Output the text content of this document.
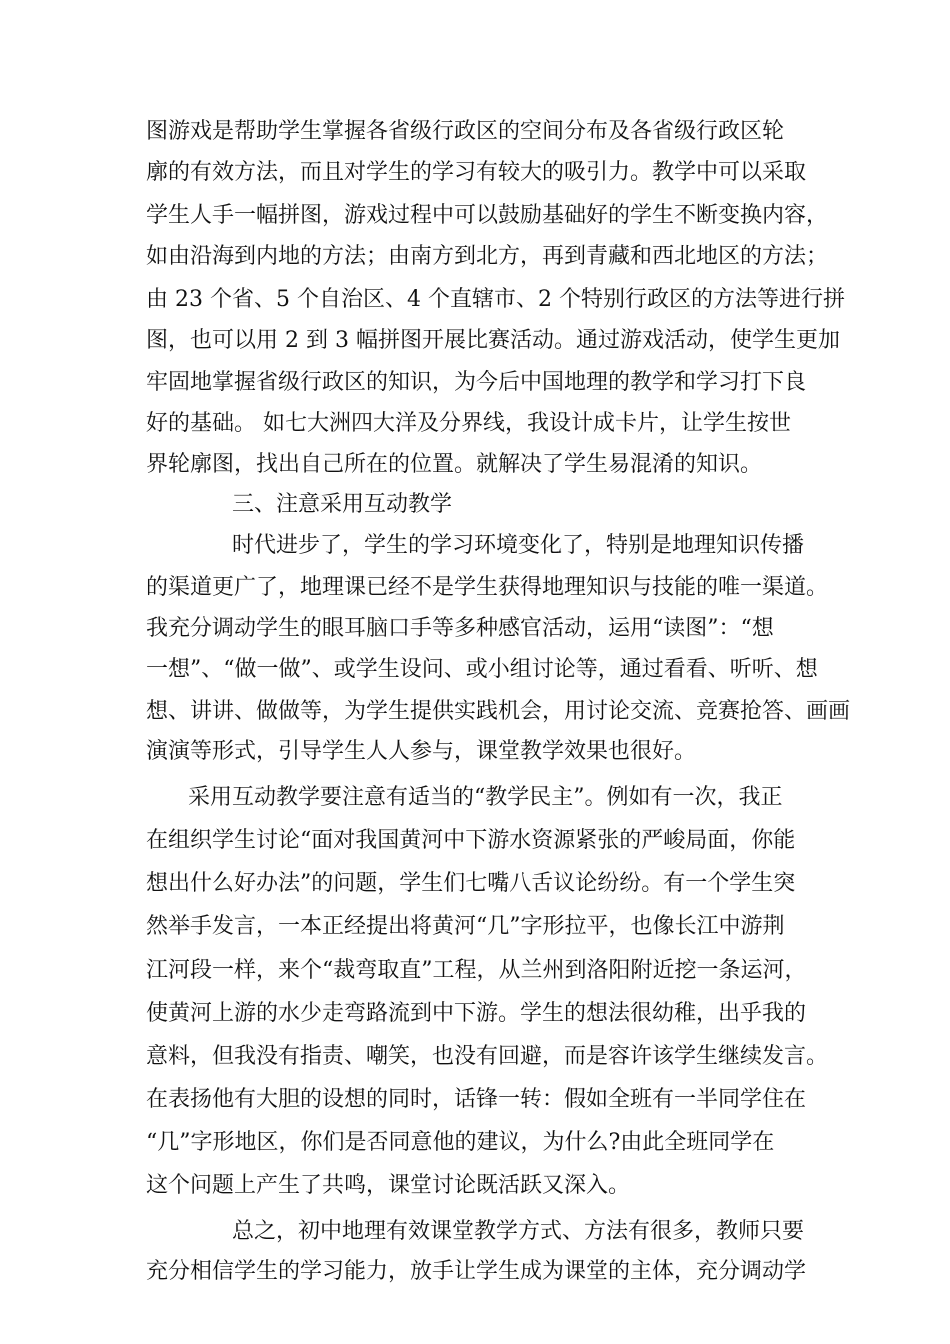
图游戏是帮助学生掌握各省级行政区的空间分布及各省级行政区轮
廓的有效方法，而且对学生的学习有较大的吸引力。教学中可以采取
学生人手一幅拼图，游戏过程中可以鼓励基础好的学生不断变换内容，
如由沿海到内地的方法；由南方到北方，再到青藏和西北地区的方法；
由 23 个省、5 个自治区、4 个直辖市、2 个特别行政区的方法等进行拼
图，也可以用 2 到 3 幅拼图开展比赛活动。通过游戏活动，使学生更加
牢固地掌握省级行政区的知识，为今后中国地理的教学和学习打下良
好的基础。 如七大洲四大洋及分界线，我设计成卡片，让学生按世
界轮廓图，找出自己所在的位置。就解决了学生易混淆的知识。
三、注意采用互动教学
时代进步了，学生的学习环境变化了，特别是地理知识传播
的渠道更广了，地理课已经不是学生获得地理知识与技能的唯一渠道。
我充分调动学生的眼耳脑口手等多种感官活动，运用“读图”：“想
一想”、“做一做”、或学生设问、或小组讨论等，通过看看、听听、想
想、讲讲、做做等，为学生提供实践机会，用讨论交流、竞赛抢答、画画
演演等形式，引导学生人人参与，课堂教学效果也很好。
采用互动教学要注意有适当的“教学民主”。例如有一次，我正
在组织学生讨论“面对我国黄河中下游水资源紧张的严峻局面，你能
想出什么好办法”的问题，学生们七嘴八舌议论纷纷。有一个学生突
然举手发言，一本正经提出将黄河“几”字形拉平，也像长江中游荆
江河段一样，来个“裁弯取直”工程，从兰州到洛阳附近挖一条运河，
使黄河上游的水少走弯路流到中下游。学生的想法很幼稚，出乎我的
意料，但我没有指责、嘲笑，也没有回避，而是容许该学生继续发言。
在表扬他有大胆的设想的同时，话锋一转：假如全班有一半同学住在
“几”字形地区，你们是否同意他的建议，为什么?由此全班同学在
这个问题上产生了共鸣，课堂讨论既活跃又深入。
总之，初中地理有效课堂教学方式、方法有很多，教师只要
充分相信学生的学习能力，放手让学生成为课堂的主体，充分调动学
